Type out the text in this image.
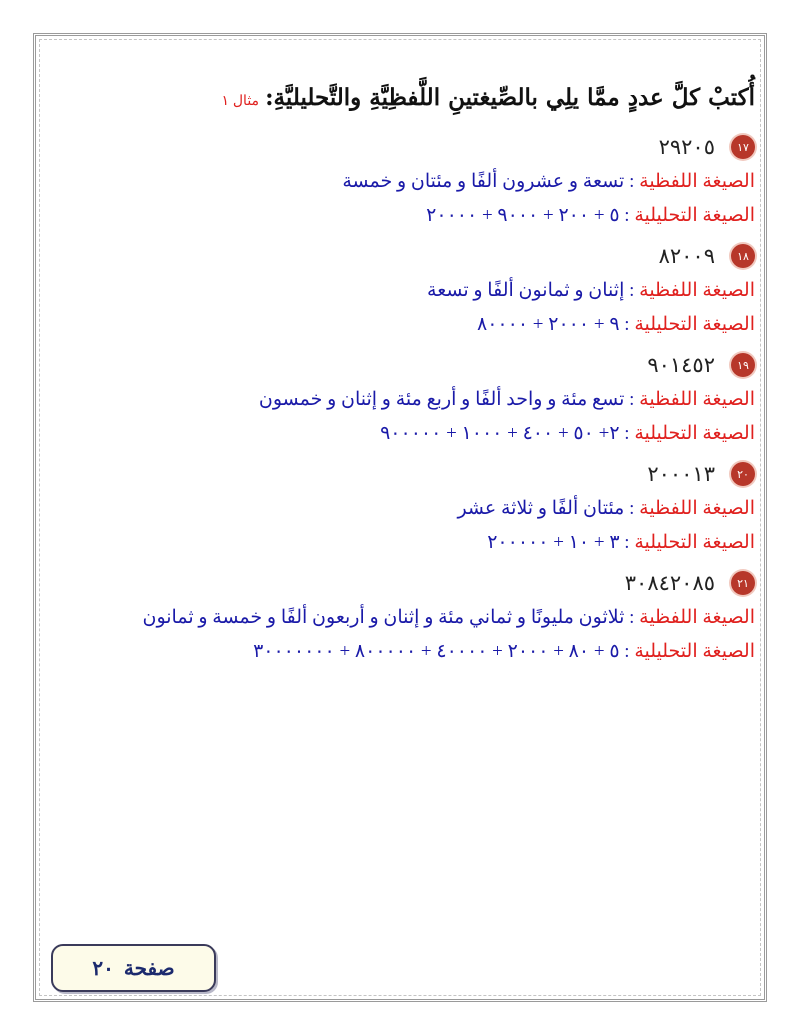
أُكتبْ كلَّ عددٍ ممَّا يلِي بالصِّيغتينِ اللَّفظِيَّةِ والتَّحليليَّةِ:
مثال ١
١٧
٢٩٢٠٥
الصيغة اللفظية : تسعة و عشرون ألفًا و مئتان و خمسة
الصيغة التحليلية : ٥ + ٢٠٠ + ٩٠٠٠ + ٢٠٠٠٠
١٨
٨٢٠٠٩
الصيغة اللفظية : إثنان و ثمانون ألفًا و تسعة
الصيغة التحليلية : ٩ + ٢٠٠٠ + ٨٠٠٠٠
١٩
٩٠١٤٥٢
الصيغة اللفظية : تسع مئة و واحد ألفًا و أربع مئة و إثنان و خمسون
الصيغة التحليلية : ٢+ ٥٠ + ٤٠٠ + ١٠٠٠ + ٩٠٠٠٠٠
٢٠
٢٠٠٠١٣
الصيغة اللفظية : مئتان ألفًا و ثلاثة عشر
الصيغة التحليلية : ٣ + ١٠ + ٢٠٠٠٠٠
٢١
٣٠٨٤٢٠٨٥
الصيغة اللفظية : ثلاثون مليونًا و ثماني مئة و إثنان و أربعون ألفًا و خمسة و ثمانون
الصيغة التحليلية : ٥ + ٨٠ + ٢٠٠٠ + ٤٠٠٠٠ + ٨٠٠٠٠٠ + ٣٠٠٠٠٠٠٠
صفحة
٢٠
